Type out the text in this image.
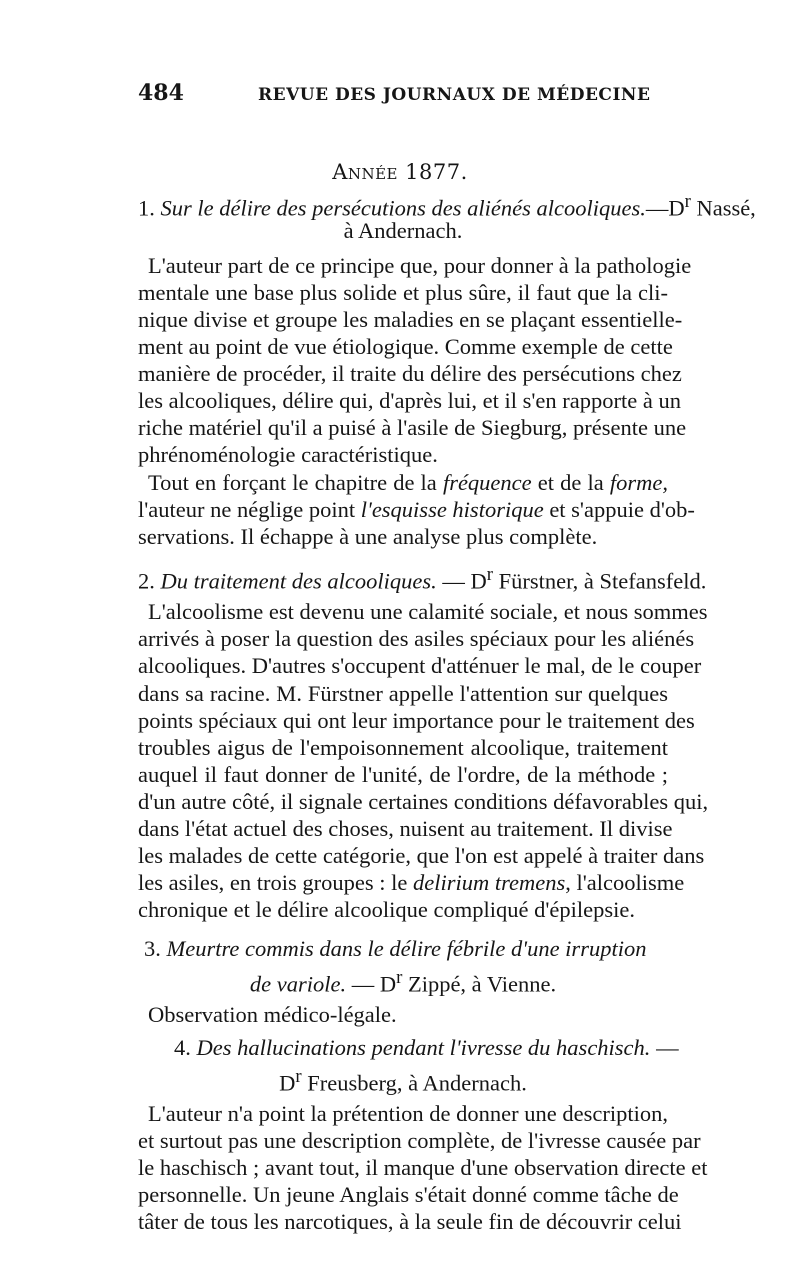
484	REVUE DES JOURNAUX DE MÉDECINE
Année 1877.

1. Sur le délire des persécutions des aliénés $alcooliques.—D^r$ Nassé,

à Andernach.

L'auteur part de ce principe que, pour donner à la pathologie

mentale une base plus solide et plus sûre, il faut que la cli-

nique divise et groupe les maladies en se plaçant essentielle-

ment au point de vue étiologique. Comme exemple de cette

manière de procéder, il traite du délire des persécutions chez

les alcooliques, délire qui, d'après lui, et il s'en rapporte à un

riche matériel qu'il a puisé à l'asile de Siegburg, présente une

phrénoménologie caractéristique.

Tout en forçant le chapitre de la fréquence et de la forme,

l'auteur ne néglige point l'esquisse historique et s'appuie d'ob-

servations. Il échappe à une analyse plus complète.

2. Du traitement des alcooliques. — $D^r$ Fürstner, à Stefansfeld.

L'alcoolisme est devenu une calamité sociale, et nous sommes

arrivés à poser la question des asiles spéciaux pour les aliénés

alcooliques. D'autres s'occupent d'atténuer le mal, de le couper

dans sa racine. M. Fürstner appelle l'attention sur quelques

points spéciaux qui ont leur importance pour le traitement des

troubles aigus de l'empoisonnement alcoolique, traitement

auquel il faut donner de l'unité, de l'ordre, de la méthode ;

d'un autre côté, il signale certaines conditions défavorables qui,

dans l'état actuel des choses, nuisent au traitement. Il divise

les malades de cette catégorie, que l'on est appelé à traiter dans

les asiles, en trois groupes : le delirium tremens, l'alcoolisme

chronique et le délire alcoolique compliqué d'épilepsie.

3. Meurtre commis dans le délire fébrile d'une irruption

de variole. — $D^r$ Zippé, à Vienne.

Observation médico-légale.

4. Des hallucinations pendant l'ivresse du haschisch. —

$D^r$ Freusberg, à Andernach.

L'auteur n'a point la prétention de donner une description,

et surtout pas une description complète, de l'ivresse causée par

le haschisch ; avant tout, il manque d'une observation directe et

personnelle. Un jeune Anglais s'était donné comme tâche de

tâter de tous les narcotiques, à la seule fin de découvrir celui
